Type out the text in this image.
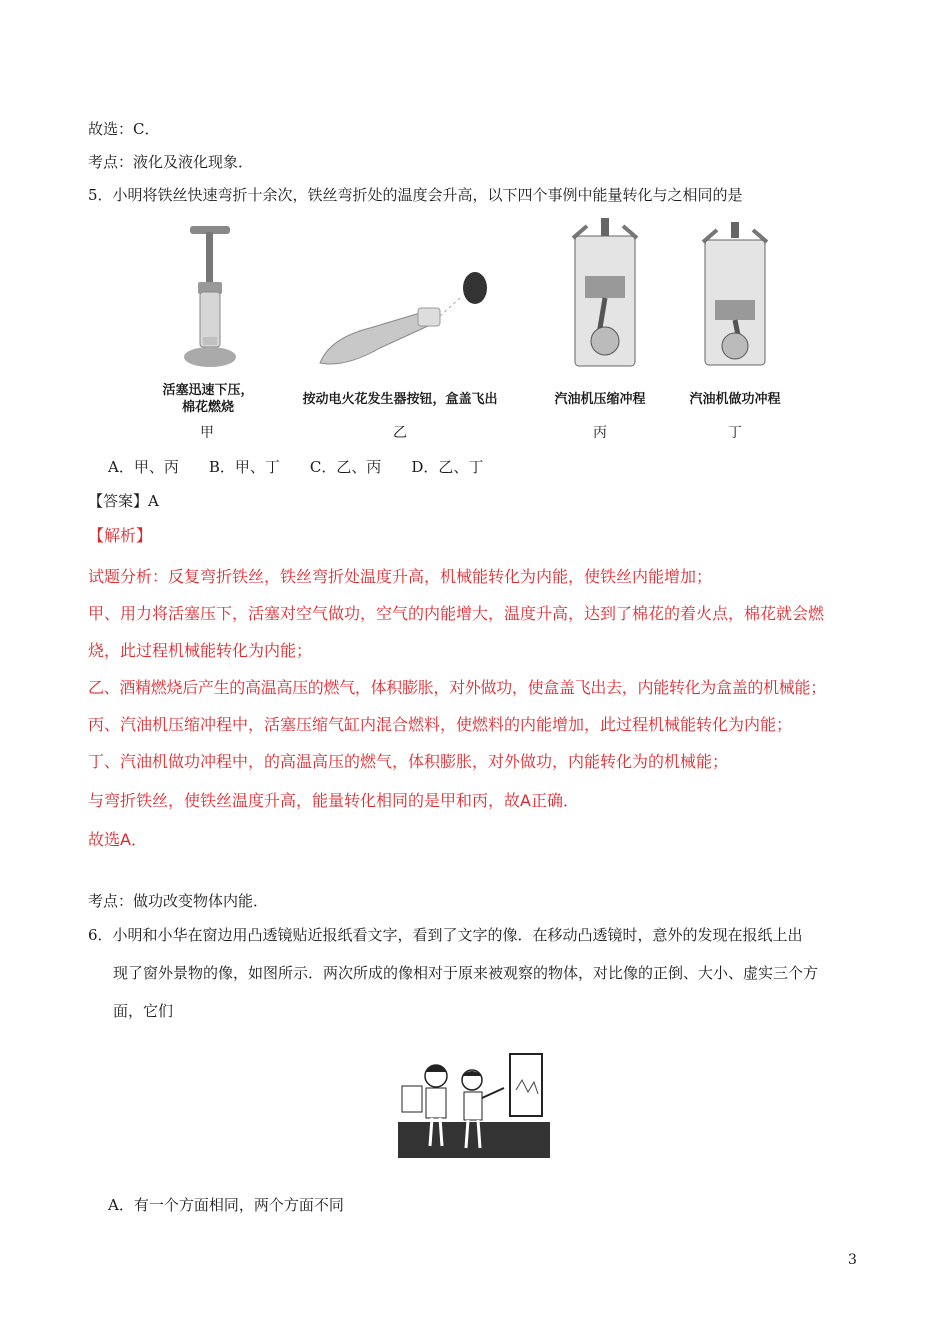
故选：C．
考点：液化及液化现象．
5．小明将铁丝快速弯折十余次，铁丝弯折处的温度会升高，以下四个事例中能量转化与之相同的是
活塞迅速下压，
棉花燃烧
甲
按动电火花发生器按钮，盒盖飞出
乙
汽油机压缩冲程
丙
汽油机做功冲程
丁
A．甲、丙　　B．甲、丁　　C．乙、丙　　D．乙、丁
【答案】A
【解析】
试题分析：反复弯折铁丝，铁丝弯折处温度升高，机械能转化为内能，使铁丝内能增加；
甲、用力将活塞压下，活塞对空气做功，空气的内能增大，温度升高，达到了棉花的着火点，棉花就会燃
烧，此过程机械能转化为内能；
乙、酒精燃烧后产生的高温高压的燃气，体积膨胀，对外做功，使盒盖飞出去，内能转化为盒盖的机械能；
丙、汽油机压缩冲程中，活塞压缩气缸内混合燃料，使燃料的内能增加，此过程机械能转化为内能；
丁、汽油机做功冲程中，的高温高压的燃气，体积膨胀，对外做功，内能转化为的机械能；
与弯折铁丝，使铁丝温度升高，能量转化相同的是甲和丙，故A正确．
故选A．
考点：做功改变物体内能．
6．小明和小华在窗边用凸透镜贴近报纸看文字，看到了文字的像．在移动凸透镜时，意外的发现在报纸上出
现了窗外景物的像，如图所示．两次所成的像相对于原来被观察的物体，对比像的正倒、大小、虚实三个方
面，它们
A．有一个方面相同，两个方面不同
3
